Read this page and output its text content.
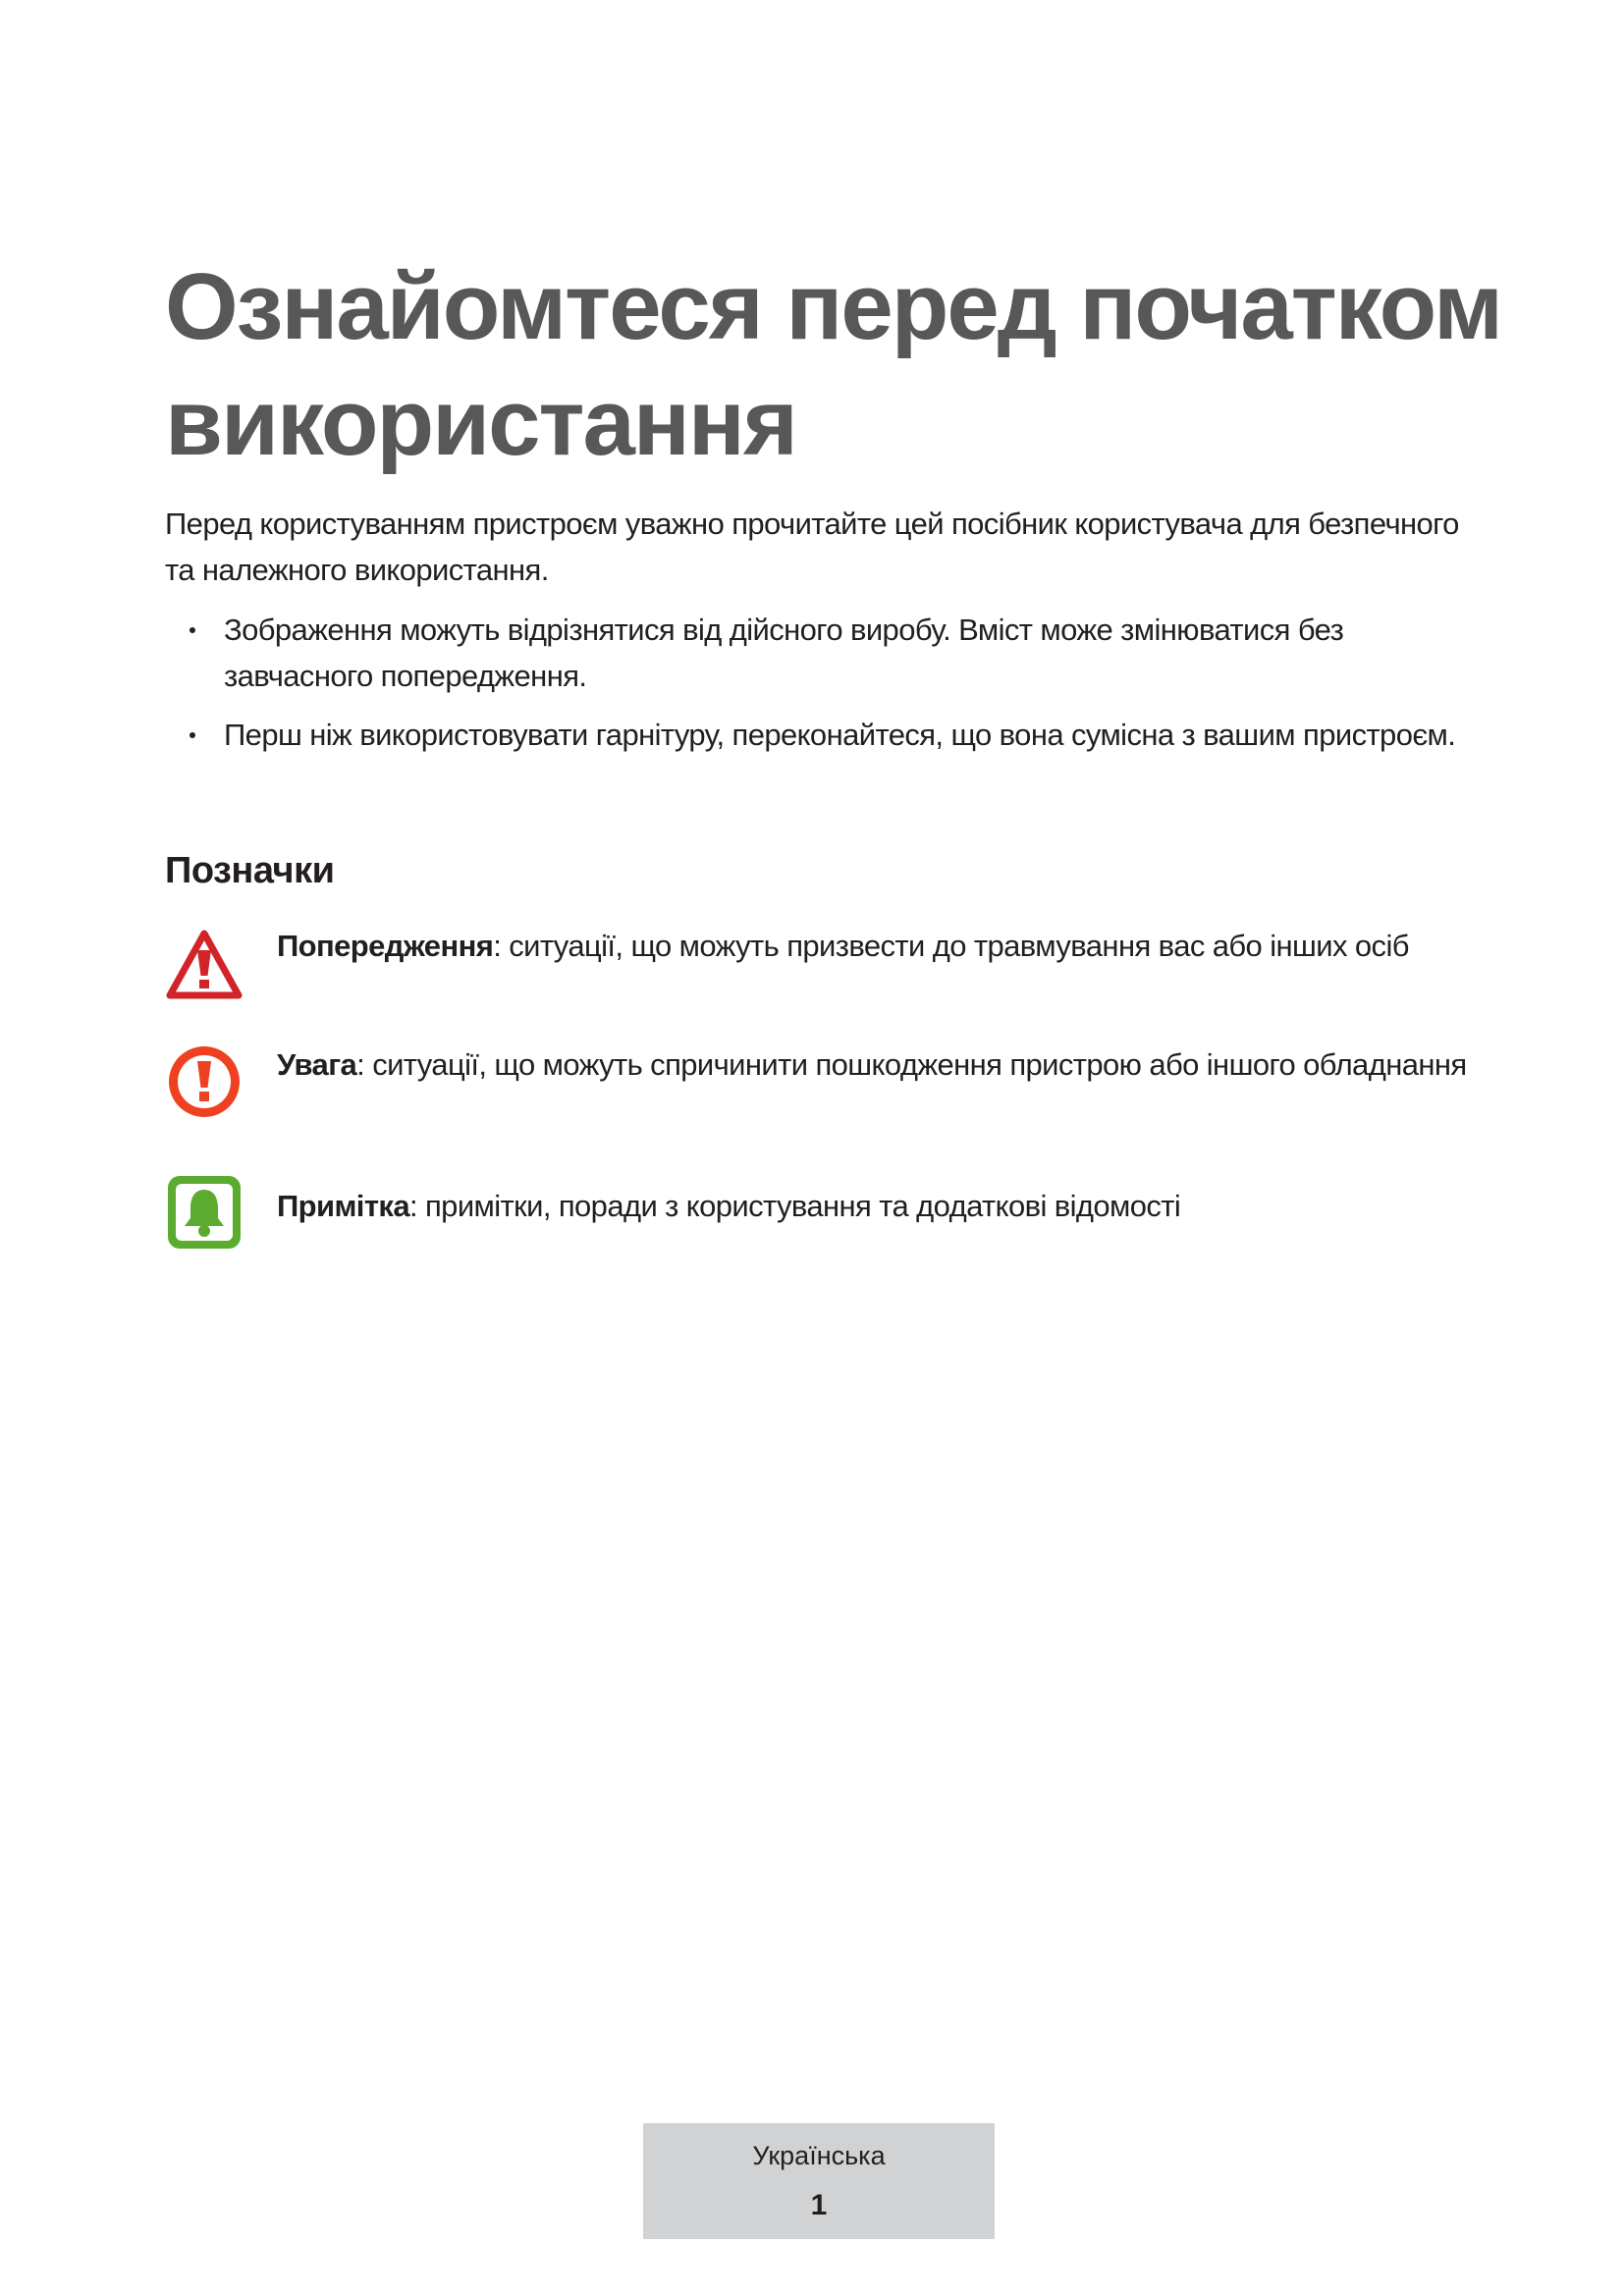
Ознайомтеся перед початком
використання

Перед користуванням пристроєм уважно прочитайте цей посібник користувача для безпечного та належного використання.

Зображення можуть відрізнятися від дійсного виробу. Вміст може змінюватися без завчасного попередження.
Перш ніж використовувати гарнітуру, переконайтеся, що вона сумісна з вашим пристроєм.
Позначки
Попередження: ситуації, що можуть призвести до травмування вас або інших осіб
Увага: ситуації, що можуть спричинити пошкодження пристрою або іншого обладнання
Примітка: примітки, поради з користування та додаткові відомості
Українська
1
